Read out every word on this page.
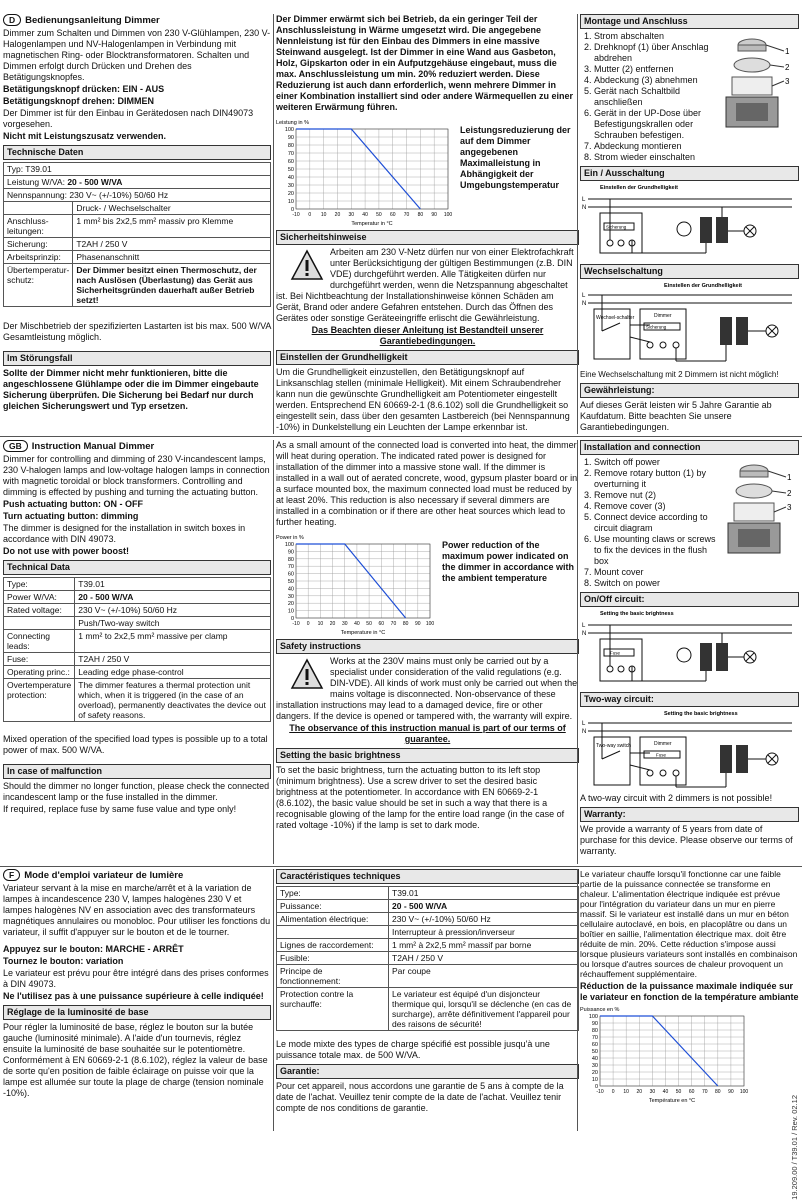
D	Bedienungsanleitung Dimmer
Dimmer zum Schalten und Dimmen von 230 V-Glühlampen, 230 V-Halogenlampen und NV-Halogenlampen in Verbindung mit magnetischen Ring- oder Blocktransformatoren. Schalten und Dimmen erfolgt durch Drücken und Drehen des Betätigungsknopfes.
Betätigungsknopf drücken: EIN - AUS
Betätigungsknopf drehen: DIMMEN
Der Dimmer ist für den Einbau in Gerätedosen nach DIN49073 vorgesehen.
Nicht mit Leistungszusatz verwenden.
Technische Daten
Typ: T39.01	
Leistung W/VA: 20 - 500 W/VA	
Nennspannung: 230 V~ (+/-10%) 50/60 Hz	
	Druck- / Wechselschalter
Anschluss-leitungen:	1 mm² bis 2x2,5 mm² massiv pro Klemme
Sicherung:	T2AH / 250 V
Arbeitsprinzip:	Phasenanschnitt
Übertemperatur-schutz:	Der Dimmer besitzt einen Thermoschutz, der nach Auslösen (Überlastung) das Gerät aus Sicherheitsgründen dauerhaft außer Betrieb setzt!
Der Mischbetrieb der spezifizierten Lastarten ist bis max. 500 W/VA Gesamtleistung möglich.
Im Störungsfall
Sollte der Dimmer nicht mehr funktionieren, bitte die angeschlossene Glühlampe oder die im Dimmer eingebaute Sicherung überprüfen. Die Sicherung bei Bedarf nur durch gleichen Sicherungswert und Typ ersetzen.
Der Dimmer erwärmt sich bei Betrieb, da ein geringer Teil der Anschlussleistung in Wärme umgesetzt wird. Die angegebene Nennleistung ist für den Einbau des Dimmers in eine massive Steinwand ausgelegt. Ist der Dimmer in eine Wand aus Gasbeton, Holz, Gipskarton oder in ein Aufputzgehäuse eingebaut, muss die max. Anschlussleistung um min. 20% reduziert werden. Diese Reduzierung ist auch dann erforderlich, wenn mehrere Dimmer in einer Kombination installiert sind oder andere Wärmequellen zu einer weiteren Erwärmung führen.
Leistung in %
0
10
20
30
40
50
60
70
80
90
100
-10 0 10 20 30 40 50 60 70 80 90 100
Temperatur in °C
Leistungsreduzierung der auf dem Dimmer angegebenen Maximalleistung in Abhängigkeit der Umgebungstemperatur
Sicherheitshinweise
Arbeiten am 230 V-Netz dürfen nur von einer Elektrofachkraft unter Berücksichtigung der gültigen Bestimmungen (z.B. DIN VDE) durchgeführt werden. Alle Tätigkeiten dürfen nur durchgeführt werden, wenn die Netzspannung abgeschaltet ist. Bei Nichtbeachtung der Installationshinweise können Schäden am Gerät, Brand oder andere Gefahren entstehen. Durch das Öffnen des Gerätes oder sonstige Geräteeingriffe erlischt die Gewährleistung.
Das Beachten dieser Anleitung ist Bestandteil unserer Garantiebedingungen.
Einstellen der Grundhelligkeit
Um die Grundhelligkeit einzustellen, den Betätigungsknopf auf Linksanschlag stellen (minimale Helligkeit). Mit einem Schraubendreher kann nun die gewünschte Grundhelligkeit am Potentiometer eingestellt werden. Entsprechend EN 60669-2-1 (8.6.102) soll die Grundhelligkeit so eingestellt sein, dass über den gesamten Lastbereich (bei Nennspannung -10%) in Dunkelstellung ein Leuchten der Lampe erkennbar ist.
Montage und Anschluss
1. Strom abschalten
2. Drehknopf (1) über Anschlag abdrehen
3. Mutter (2) entfernen
4. Abdeckung (3) abnehmen
5. Gerät nach Schaltbild anschließen
6. Gerät in der UP-Dose über Befestigungskrallen oder Schrauben befestigen.
7. Abdeckung montieren
8. Strom wieder einschalten
1
2
3
Ein / Ausschaltung
L
N
Einstellen der Grundhelligkeit
Sicherung
Wechselschaltung
L
N
Einstellen der Grundhelligkeit
Wechsel-schalter	Dimmer
Sicherung
Eine Wechselschaltung mit 2 Dimmern ist nicht möglich!
Gewährleistung:
Auf dieses Gerät leisten wir 5 Jahre Garantie ab Kaufdatum. Bitte beachten Sie unsere Garantiebedingungen.
GB	Instruction Manual Dimmer
Dimmer for controlling and dimming of 230 V-incandescent lamps, 230 V-halogen lamps and low-voltage halogen lamps in connection with magnetic toroidal or block transformers. Controlling and dimming is effected by pushing and turning the actuating button.
Push actuating button: ON - OFF
Turn actuating button: dimming
The dimmer is designed for the installation in switch boxes in accordance with DIN 49073.
Do not use with power boost!
Technical Data
Type:	T39.01
Power W/VA:	20 - 500 W/VA
Rated voltage:	230 V~ (+/-10%) 50/60 Hz
	Push/Two-way switch
Connecting leads:	1 mm² to 2x2,5 mm² massive per clamp
Fuse:	T2AH / 250 V
Operating princ.:	Leading edge phase-control
Overtemperature protection:	The dimmer features a thermal protection unit which, when it is triggered (in the case of an overload), permanently deactivates the device out of safety reasons.
Mixed operation of the specified load types is possible up to a total power of max. 500 W/VA.
In case of malfunction
Should the dimmer no longer function, please check the connected incandescent lamp or the fuse installed in the dimmer.
If required, replace fuse by same fuse value and type only!
As a small amount of the connected load is converted into heat, the dimmer will heat during operation. The indicated rated power is designed for installation of the dimmer into a massive stone wall. If the dimmer is installed in a wall out of aerated concrete, wood, gypsum plaster board or in a surface mounted box, the maximum connected load must be reduced by at least 20%. This reduction is also necessary if several dimmers are installed in a combination or if there are other heat sources which lead to further heating.
Power in %
0
10
20
30
40
50
60
70
80
90
100
-10 0 10 20 30 40 50 60 70 80 90 100
Temperature in °C
Power reduction of the maximum power indicated on the dimmer in accordance with the ambient temperature
Safety instructions
Works at the 230V mains must only be carried out by a specialist under consideration of the valid regulations (e.g. DIN-VDE). All kinds of work must only be carried out when the mains voltage is disconnected. Non-observance of these installation instructions may lead to a damaged device, fire or other dangers. If the device is opened or tampered with, the warranty will expire.
The observance of this instruction manual is part of our terms of guarantee.
Setting the basic brightness
To set the basic brightness, turn the actuating button to its left stop (minimum brightness). Use a screw driver to set the desired basic brightness at the potentiometer. In accordance with EN 60669-2-1 (8.6.102), the basic value should be set in such a way that there is a recognisable glowing of the lamp for the entire load range (in the case of rated voltage -10%) if the lamp is set to dark mode.
Installation and connection
1. Switch off power
2. Remove rotary button (1) by overturning it
3. Remove nut (2)
4. Remove cover (3)
5. Connect device according to circuit diagram
6. Use mounting claws or screws to fix the devices in the flush box
7. Mount cover
8. Switch on power
1
2
3
On/Off circuit:
L
N
Setting the basic brightness
Fuse
Two-way circuit:
L
N
Setting the basic brightness
Two-way switch	Dimmer
Fuse
A two-way circuit with 2 dimmers is not possible!
Warranty:
We provide a warranty of 5 years from date of purchase for this device. Please observe our terms of warranty.
F	Mode d'emploi variateur de lumière
Variateur servant à la mise en marche/arrêt et à la variation de lampes à incandescence 230 V, lampes halogènes 230 V et lampes halogènes NV en association avec des transformateurs magnétiques annulaires ou monobloc. Pour utiliser les fonctions du variateur, il suffit d'appuyer sur le bouton et de le tourner.
Appuyez sur le bouton: MARCHE - ARRÊT
Tournez le bouton: variation
Le variateur est prévu pour être intégré dans des prises conformes à DIN 49073.
Ne l'utilisez pas à une puissance supérieure à celle indiquée!
Réglage de la luminosité de base
Pour régler la luminosité de base, réglez le bouton sur la butée gauche (luminosité minimale). A l'aide d'un tournevis, réglez ensuite la luminosité de base souhaitée sur le potentiomètre. Conformément à EN 60669-2-1 (8.6.102), réglez la valeur de base de sorte qu'en position de faible éclairage on puisse voir que la lampe est allumée sur toute la plage de charge (tension nominale -10%).
Caractéristiques techniques
Type:	T39.01
Puissance:	20 - 500 W/VA
Alimentation électrique:	230 V~ (+/-10%) 50/60 Hz
	Interrupteur à pression/inverseur
Lignes de raccordement:	1 mm² à 2x2,5 mm² massif par borne
Fusible:	T2AH / 250 V
Principe de fonctionnement:	Par coupe
Protection contre la surchauffe:	Le variateur est équipé d'un disjoncteur thermique qui, lorsqu'il se déclenche (en cas de surcharge), arrête définitivement l'appareil pour des raisons de sécurité!
Le mode mixte des types de charge spécifié est possible jusqu'à une puissance totale max. de 500 W/VA.
Garantie:
Pour cet appareil, nous accordons une garantie de 5 ans à compte de la date de l'achat. Veuillez tenir compte de la date de l'achat. Veuillez tenir compte de nos conditions de garantie.
Le variateur chauffe lorsqu'il fonctionne car une faible partie de la puissance connectée se transforme en chaleur. L'alimentation électrique indiquée est prévue pour l'intégration du variateur dans un mur en pierre massif. Si le variateur est installé dans un mur en béton cellulaire autoclavé, en bois, en placoplâtre ou dans un boîtier en saillie, l'alimentation électrique max. doit être réduite de min. 20%. Cette réduction s'impose aussi lorsque plusieurs variateurs sont installés en combinaison ou lorsque d'autres sources de chaleur provoquent un réchauffement supplémentaire.
Réduction de la puissance maximale indiquée sur le variateur en fonction de la température ambiante
Puissance en %
0
10
20
30
40
50
60
70
80
90
100
-10 0 10 20 30 40 50 60 70 80 90 100
Température en °C	19.209.00 / T39.01 / Rev. 02.12
